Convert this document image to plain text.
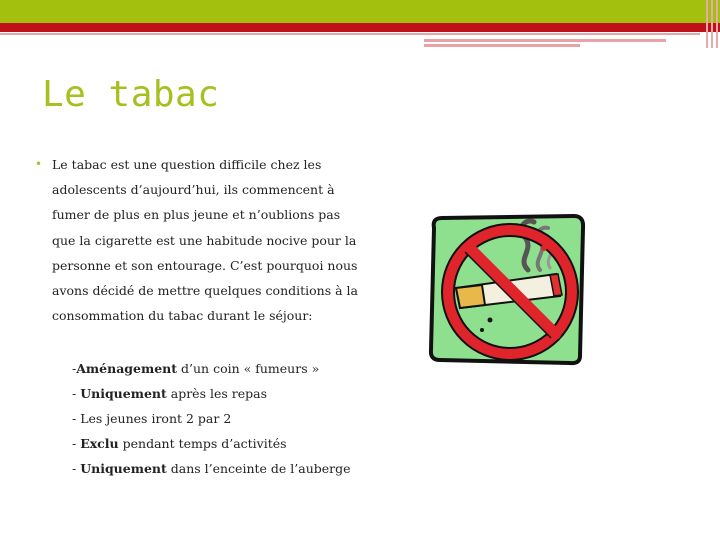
Le tabac
• Le tabac est une question difficile chez les adolescents d’aujourd’hui, ils commencent à fumer de plus en plus jeune et n’oublions pas que la cigarette est une habitude nocive pour la personne et son entourage. C’est pourquoi nous avons décidé de mettre quelques conditions à la consommation du tabac durant le séjour:
-Aménagement d’un coin « fumeurs »
- Uniquement après les repas
- Les jeunes iront 2 par 2
- Exclu pendant temps d’activités
- Uniquement dans l’enceinte de l’auberge
